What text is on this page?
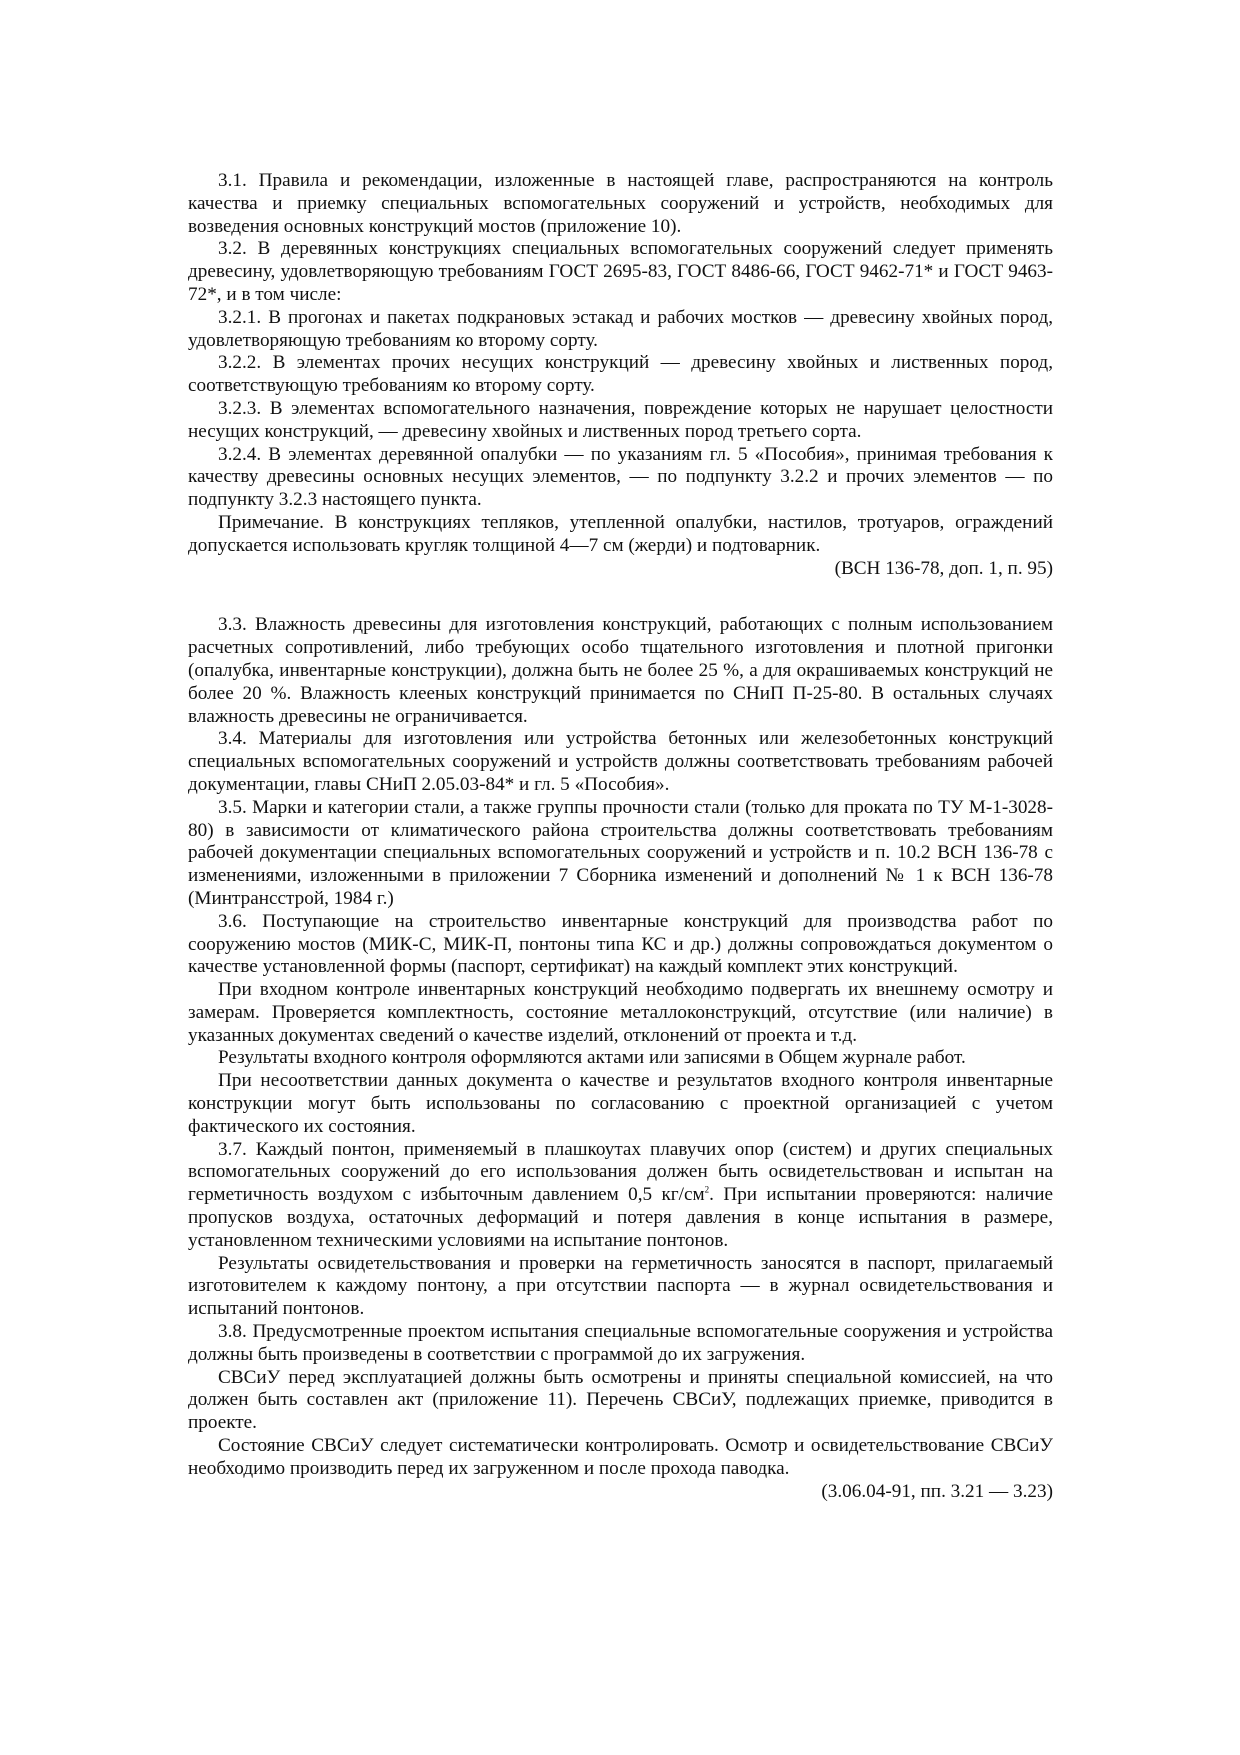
3.1. Правила и рекомендации, изложенные в настоящей главе, распространяются на контроль качества и приемку специальных вспомогательных сооружений и устройств, необходимых для возведения основных конструкций мостов (приложение 10).

3.2. В деревянных конструкциях специальных вспомогательных сооружений следует применять древесину, удовлетворяющую требованиям ГОСТ 2695-83, ГОСТ 8486-66, ГОСТ 9462-71* и ГОСТ 9463-72*, и в том числе:

3.2.1. В прогонах и пакетах подкрановых эстакад и рабочих мостков — древесину хвойных пород, удовлетворяющую требованиям ко второму сорту.

3.2.2. В элементах прочих несущих конструкций — древесину хвойных и лиственных пород, соответствующую требованиям ко второму сорту.

3.2.3. В элементах вспомогательного назначения, повреждение которых не нарушает целостности несущих конструкций, — древесину хвойных и лиственных пород третьего сорта.

3.2.4. В элементах деревянной опалубки — по указаниям гл. 5 «Пособия», принимая требования к качеству древесины основных несущих элементов, — по подпункту 3.2.2 и прочих элементов — по подпункту 3.2.3 настоящего пункта.

Примечание. В конструкциях тепляков, утепленной опалубки, настилов, тротуаров, ограждений допускается использовать кругляк толщиной 4—7 см (жерди) и подтоварник.

(ВСН 136-78, доп. 1, п. 95)

3.3. Влажность древесины для изготовления конструкций, работающих с полным использованием расчетных сопротивлений, либо требующих особо тщательного изготовления и плотной пригонки (опалубка, инвентарные конструкции), должна быть не более 25 %, а для окрашиваемых конструкций не более 20 %. Влажность клееных конструкций принимается по СНиП П-25-80. В остальных случаях влажность древесины не ограничивается.

3.4. Материалы для изготовления или устройства бетонных или железобетонных конструкций специальных вспомогательных сооружений и устройств должны соответствовать требованиям рабочей документации, главы СНиП 2.05.03-84* и гл. 5 «Пособия».

3.5. Марки и категории стали, а также группы прочности стали (только для проката по ТУ М-1-3028-80) в зависимости от климатического района строительства должны соответствовать требованиям рабочей документации специальных вспомогательных сооружений и устройств и п. 10.2 ВСН 136-78 с изменениями, изложенными в приложении 7 Сборника изменений и дополнений № 1 к ВСН 136-78 (Минтрансстрой, 1984 г.)

3.6. Поступающие на строительство инвентарные конструкций для производства работ по сооружению мостов (МИК-С, МИК-П, понтоны типа КС и др.) должны сопровождаться документом о качестве установленной формы (паспорт, сертификат) на каждый комплект этих конструкций.

При входном контроле инвентарных конструкций необходимо подвергать их внешнему осмотру и замерам. Проверяется комплектность, состояние металлоконструкций, отсутствие (или наличие) в указанных документах сведений о качестве изделий, отклонений от проекта и т.д.

Результаты входного контроля оформляются актами или записями в Общем журнале работ.

При несоответствии данных документа о качестве и результатов входного контроля инвентарные конструкции могут быть использованы по согласованию с проектной организацией с учетом фактического их состояния.

3.7. Каждый понтон, применяемый в плашкоутах плавучих опор (систем) и других специальных вспомогательных сооружений до его использования должен быть освидетельствован и испытан на герметичность воздухом с избыточным давлением 0,5 $кг/см^2$. При испытании проверяются: наличие пропусков воздуха, остаточных деформаций и потеря давления в конце испытания в размере, установленном техническими условиями на испытание понтонов.

Результаты освидетельствования и проверки на герметичность заносятся в паспорт, прилагаемый изготовителем к каждому понтону, а при отсутствии паспорта — в журнал освидетельствования и испытаний понтонов.

3.8. Предусмотренные проектом испытания специальные вспомогательные сооружения и устройства должны быть произведены в соответствии с программой до их загружения.

СВСиУ перед эксплуатацией должны быть осмотрены и приняты специальной комиссией, на что должен быть составлен акт (приложение 11). Перечень СВСиУ, подлежащих приемке, приводится в проекте.

Состояние СВСиУ следует систематически контролировать. Осмотр и освидетельствование СВСиУ необходимо производить перед их загруженном и после прохода паводка.

(3.06.04-91, пп. 3.21 — 3.23)
